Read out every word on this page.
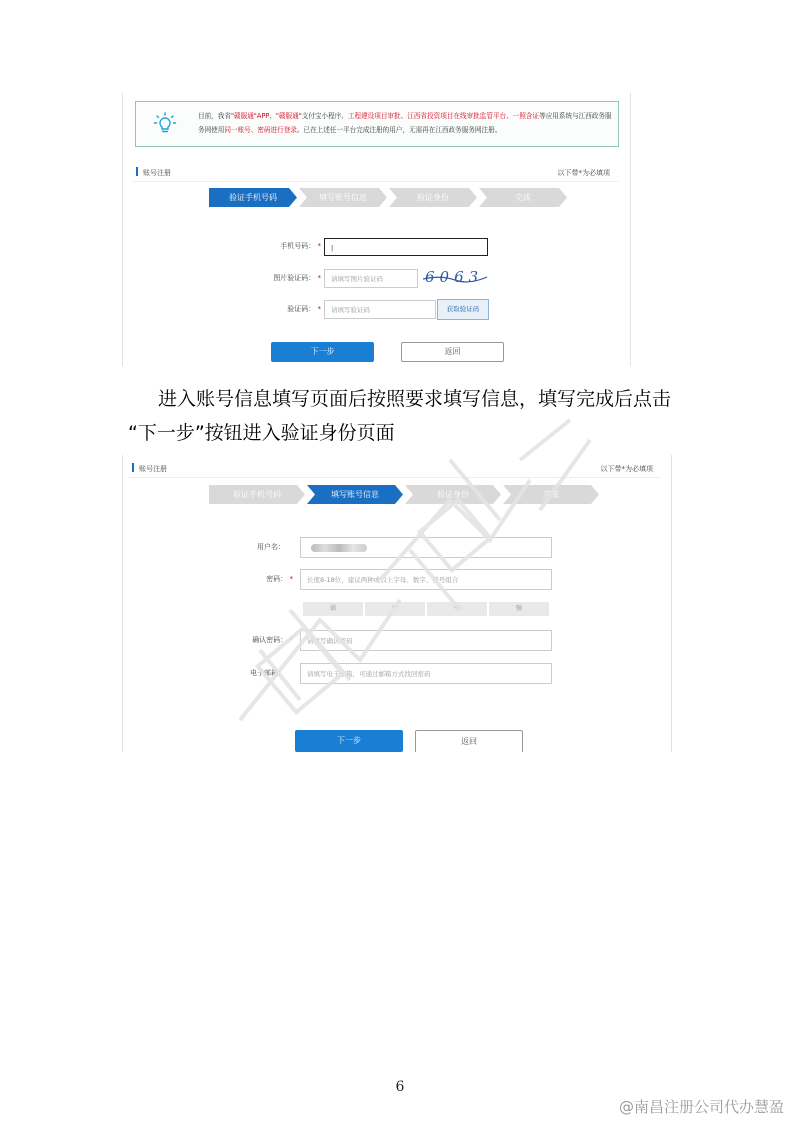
目前，我省"赣服通"APP、"赣服通"支付宝小程序、工程建设项目审批、江西省投资项目在线审批监管平台、一照含证等应用系统与江西政务服务网使用同一账号、密码进行登录。已在上述任一平台完成注册的用户，无需再在江西政务服务网注册。
账号注册	以下带*为必填项
验证手机号码	填写账号信息	验证身份	完成
手机号码： *	|
图片验证码： *	请填写图片验证码	6063
验证码： *	请填写验证码	获取验证码
下一步	返回
进入账号信息填写页面后按照要求填写信息，填写完成后点击
“下一步”按钮进入验证身份页面
账号注册	以下带*为必填项
验证手机号码	填写账号信息	验证身份	完成
用户名：
密码： *	长度8-18位，建议两种或以上字母、数字、符号组合
弱	中	中	强
确认密码： *	请填写确认密码
电子邮箱：	请填写电子邮箱，可通过邮箱方式找回密码
下一步	返回
6
@南昌注册公司代办慧盈
